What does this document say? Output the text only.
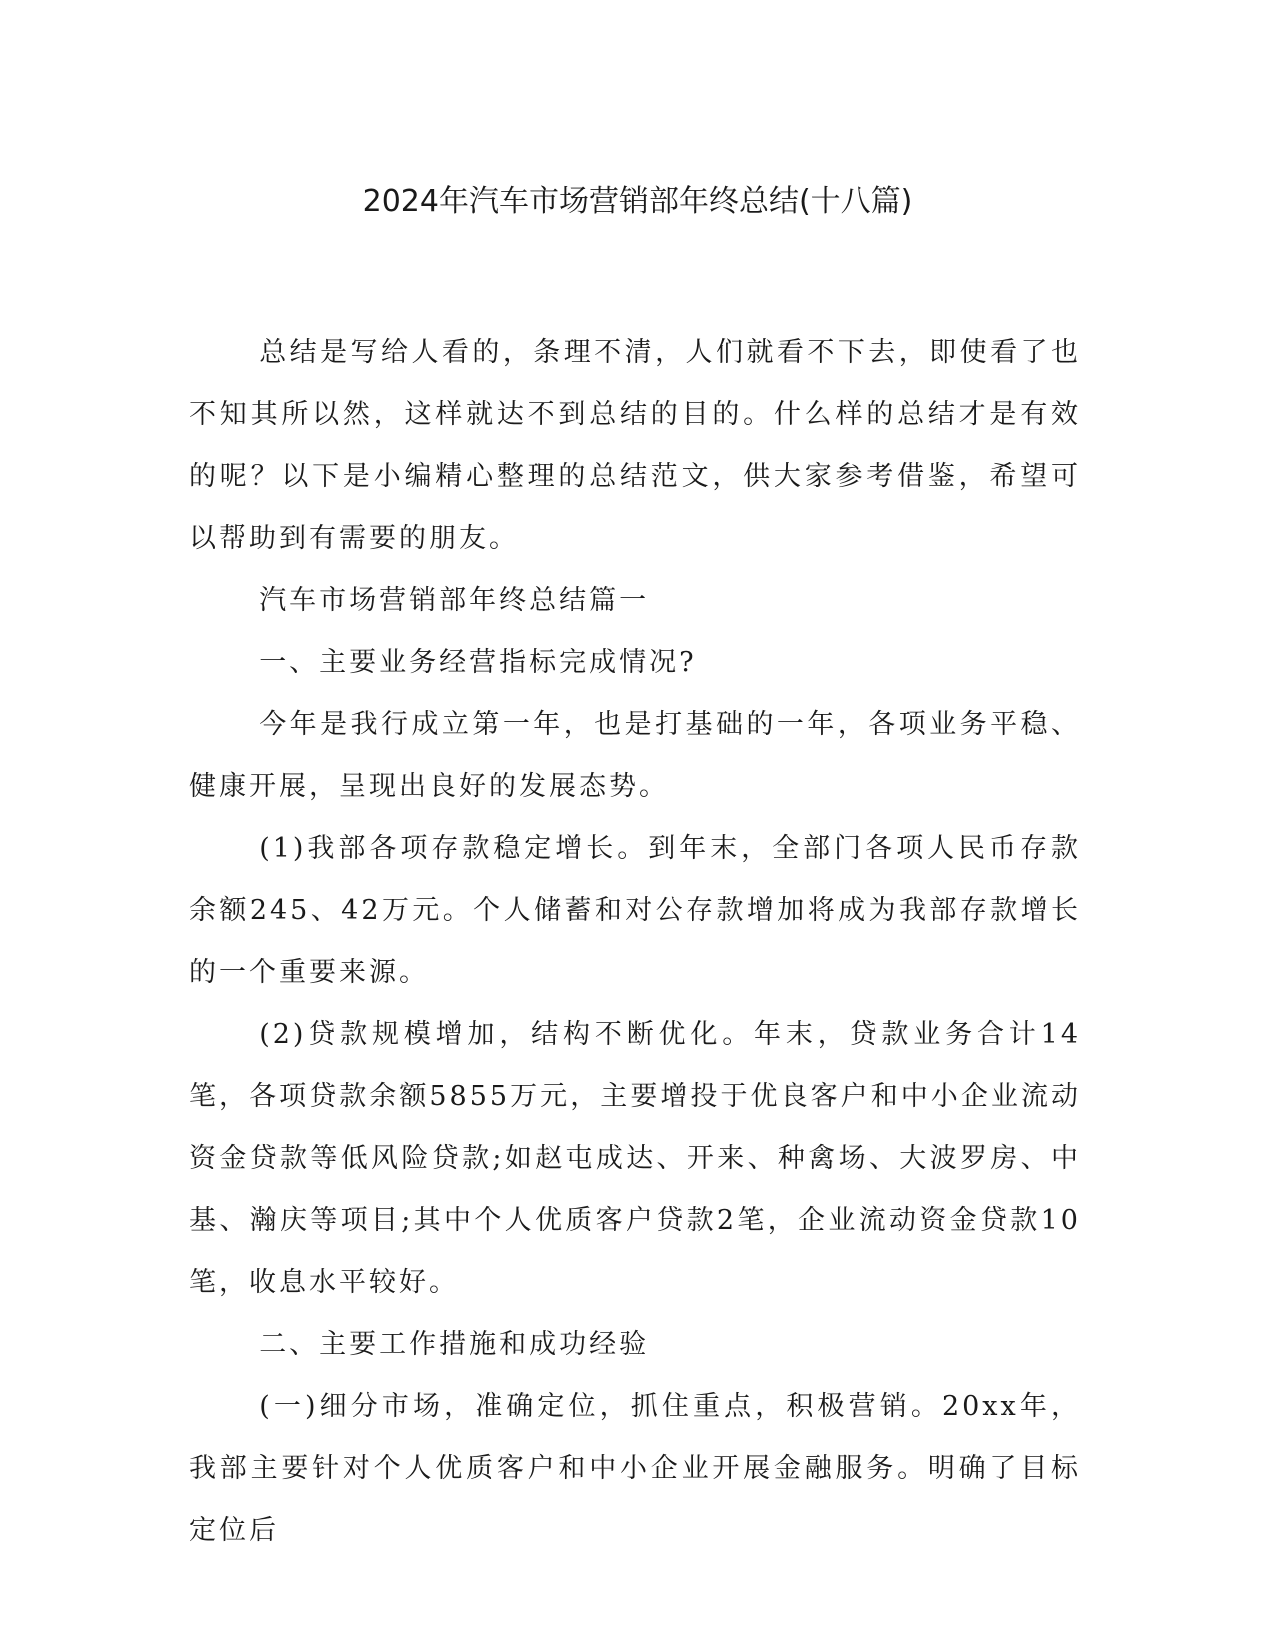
2024年汽车市场营销部年终总结(十八篇)

总结是写给人看的，条理不清，人们就看不下去，即使看了也不知其所以然，这样就达不到总结的目的。什么样的总结才是有效的呢？以下是小编精心整理的总结范文，供大家参考借鉴，希望可以帮助到有需要的朋友。

汽车市场营销部年终总结篇一

一、主要业务经营指标完成情况?

今年是我行成立第一年，也是打基础的一年，各项业务平稳、健康开展，呈现出良好的发展态势。

(1)我部各项存款稳定增长。到年末，全部门各项人民币存款余额245、42万元。个人储蓄和对公存款增加将成为我部存款增长的一个重要来源。

(2)贷款规模增加，结构不断优化。年末，贷款业务合计14笔，各项贷款余额5855万元，主要增投于优良客户和中小企业流动资金贷款等低风险贷款;如赵屯成达、开来、种禽场、大波罗房、中基、瀚庆等项目;其中个人优质客户贷款2笔，企业流动资金贷款10笔，收息水平较好。

二、主要工作措施和成功经验

(一)细分市场，准确定位，抓住重点，积极营销。20xx年，我部主要针对个人优质客户和中小企业开展金融服务。明确了目标定位后
